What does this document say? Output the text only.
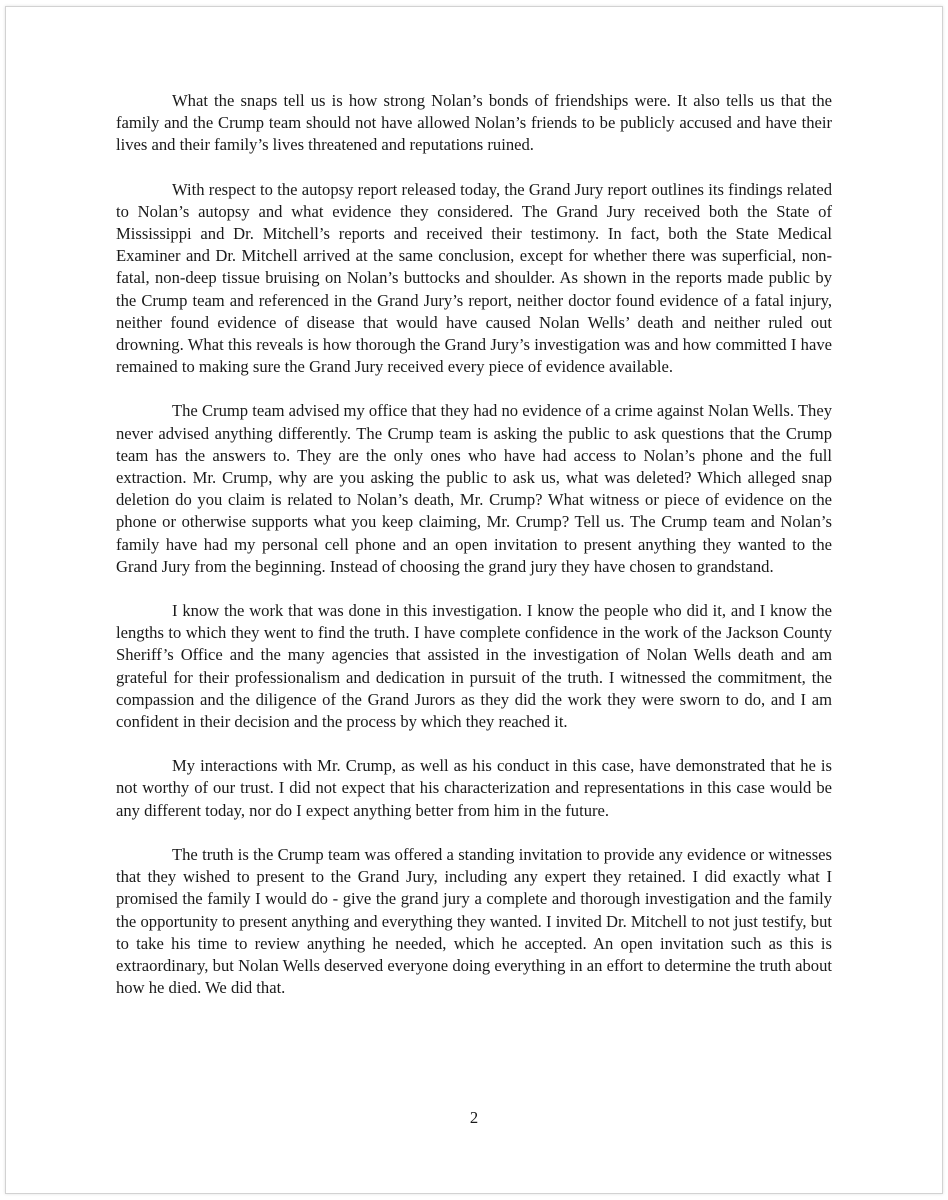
What the snaps tell us is how strong Nolan’s bonds of friendships were. It also tells us that the family and the Crump team should not have allowed Nolan’s friends to be publicly accused and have their lives and their family’s lives threatened and reputations ruined.

With respect to the autopsy report released today, the Grand Jury report outlines its findings related to Nolan’s autopsy and what evidence they considered. The Grand Jury received both the State of Mississippi and Dr. Mitchell’s reports and received their testimony. In fact, both the State Medical Examiner and Dr. Mitchell arrived at the same conclusion, except for whether there was superficial, non-fatal, non-deep tissue bruising on Nolan’s buttocks and shoulder. As shown in the reports made public by the Crump team and referenced in the Grand Jury’s report, neither doctor found evidence of a fatal injury, neither found evidence of disease that would have caused Nolan Wells’ death and neither ruled out drowning. What this reveals is how thorough the Grand Jury’s investigation was and how committed I have remained to making sure the Grand Jury received every piece of evidence available.

The Crump team advised my office that they had no evidence of a crime against Nolan Wells. They never advised anything differently. The Crump team is asking the public to ask questions that the Crump team has the answers to. They are the only ones who have had access to Nolan’s phone and the full extraction. Mr. Crump, why are you asking the public to ask us, what was deleted? Which alleged snap deletion do you claim is related to Nolan’s death, Mr. Crump? What witness or piece of evidence on the phone or otherwise supports what you keep claiming, Mr. Crump? Tell us. The Crump team and Nolan’s family have had my personal cell phone and an open invitation to present anything they wanted to the Grand Jury from the beginning. Instead of choosing the grand jury they have chosen to grandstand.

I know the work that was done in this investigation. I know the people who did it, and I know the lengths to which they went to find the truth. I have complete confidence in the work of the Jackson County Sheriff’s Office and the many agencies that assisted in the investigation of Nolan Wells death and am grateful for their professionalism and dedication in pursuit of the truth. I witnessed the commitment, the compassion and the diligence of the Grand Jurors as they did the work they were sworn to do, and I am confident in their decision and the process by which they reached it.

My interactions with Mr. Crump, as well as his conduct in this case, have demonstrated that he is not worthy of our trust. I did not expect that his characterization and representations in this case would be any different today, nor do I expect anything better from him in the future.

The truth is the Crump team was offered a standing invitation to provide any evidence or witnesses that they wished to present to the Grand Jury, including any expert they retained. I did exactly what I promised the family I would do - give the grand jury a complete and thorough investigation and the family the opportunity to present anything and everything they wanted. I invited Dr. Mitchell to not just testify, but to take his time to review anything he needed, which he accepted. An open invitation such as this is extraordinary, but Nolan Wells deserved everyone doing everything in an effort to determine the truth about how he died. We did that.

2
